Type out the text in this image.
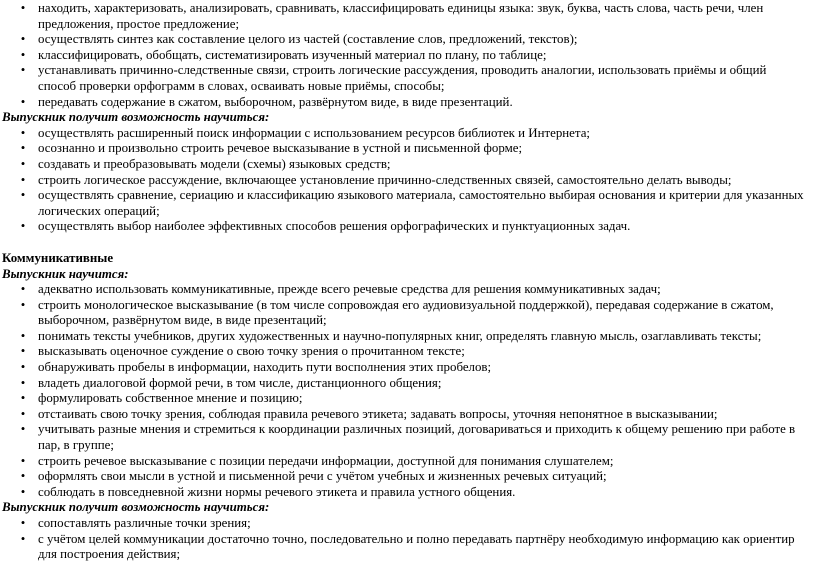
• находить, характеризовать, анализировать, сравнивать, классифицировать единицы языка: звук, буква, часть слова, часть речи, член предложения, простое предложение;
• осуществлять синтез как составление целого из частей (составление слов, предложений, текстов);
• классифицировать, обобщать, систематизировать изученный материал по плану, по таблице;
• устанавливать причинно-следственные связи, строить логические рассуждения, проводить аналогии, использовать приёмы и общий способ проверки орфограмм в словах, осваивать новые приёмы, способы;
• передавать содержание в сжатом, выборочном, развёрнутом виде, в виде презентаций.
Выпускник получит возможность научиться:
• осуществлять расширенный поиск информации с использованием ресурсов библиотек и Интернета;
• осознанно и произвольно строить речевое высказывание в устной и письменной форме;
• создавать и преобразовывать модели (схемы) языковых средств;
• строить логическое рассуждение, включающее установление причинно-следственных связей, самостоятельно делать выводы;
• осуществлять сравнение, сериацию и классификацию языкового материала, самостоятельно выбирая основания и критерии для указанных логических операций;
• осуществлять выбор наиболее эффективных способов решения орфографических и пунктуационных задач.
Коммуникативные
Выпускник научится:
• адекватно использовать коммуникативные, прежде всего речевые средства для решения коммуникативных задач;
• строить монологическое высказывание (в том числе сопровождая его аудиовизуальной поддержкой), передавая содержание в сжатом, выборочном, развёрнутом виде, в виде презентаций;
• понимать тексты учебников, других художественных и научно-популярных книг, определять главную мысль, озаглавливать тексты;
• высказывать оценочное суждение о свою точку зрения о прочитанном тексте;
• обнаруживать пробелы в информации, находить пути восполнения этих пробелов;
• владеть диалоговой формой речи, в том числе, дистанционного общения;
• формулировать собственное мнение и позицию;
• отстаивать свою точку зрения, соблюдая правила речевого этикета; задавать вопросы, уточняя непонятное в высказывании;
• учитывать разные мнения и стремиться к координации различных позиций, договариваться и приходить к общему решению при работе в пар, в группе;
• строить речевое высказывание с позиции передачи информации, доступной для понимания слушателем;
• оформлять свои мысли в устной и письменной речи с учётом учебных и жизненных речевых ситуаций;
• соблюдать в повседневной жизни нормы речевого этикета и правила устного общения.
Выпускник получит возможность научиться:
• сопоставлять различные точки зрения;
• с учётом целей коммуникации достаточно точно, последовательно и полно передавать партнёру необходимую информацию как ориентир для построения действия;
